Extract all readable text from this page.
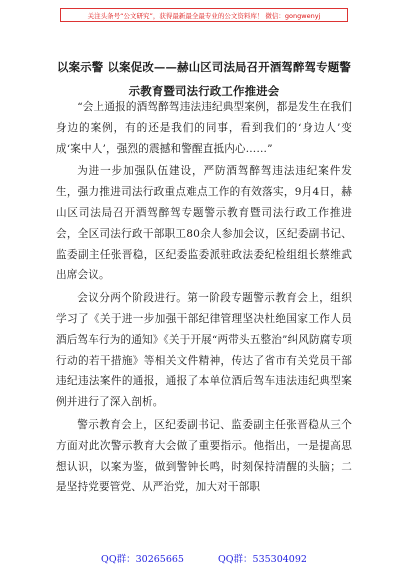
关注头条号“公文研究”，获得最新最全最专业的公文资料库！ 微信：gongwenyj
以案示警 以案促改——赫山区司法局召开酒驾醉驾专题警
示教育暨司法行政工作推进会

“会上通报的酒驾醉驾违法违纪典型案例，都是发生在我们身边的案例，有的还是我们的同事，看到我们的‘身边人’变成‘案中人’，强烈的震撼和警醒直抵内心……”

为进一步加强队伍建设，严防酒驾醉驾违法违纪案件发生，强力推进司法行政重点难点工作的有效落实，9月4日，赫山区司法局召开酒驾醉驾专题警示教育暨司法行政工作推进会，全区司法行政干部职工80余人参加会议，区纪委副书记、监委副主任张晋稳，区纪委监委派驻政法委纪检组组长蔡维武出席会议。

会议分两个阶段进行。第一阶段专题警示教育会上，组织学习了《关于进一步加强干部纪律管理坚决杜绝国家工作人员酒后驾车行为的通知》《关于开展“两带头五整治”纠风防腐专项行动的若干措施》等相关文件精神，传达了省市有关党员干部违纪违法案件的通报，通报了本单位酒后驾车违法违纪典型案例并进行了深入剖析。

警示教育会上，区纪委副书记、监委副主任张晋稳从三个方面对此次警示教育大会做了重要指示。他指出，一是提高思想认识，以案为鉴，做到警钟长鸣，时刻保持清醒的头脑；二是坚持党要管党、从严治党，加大对干部职

QQ群：30265665	QQ群：535304092
